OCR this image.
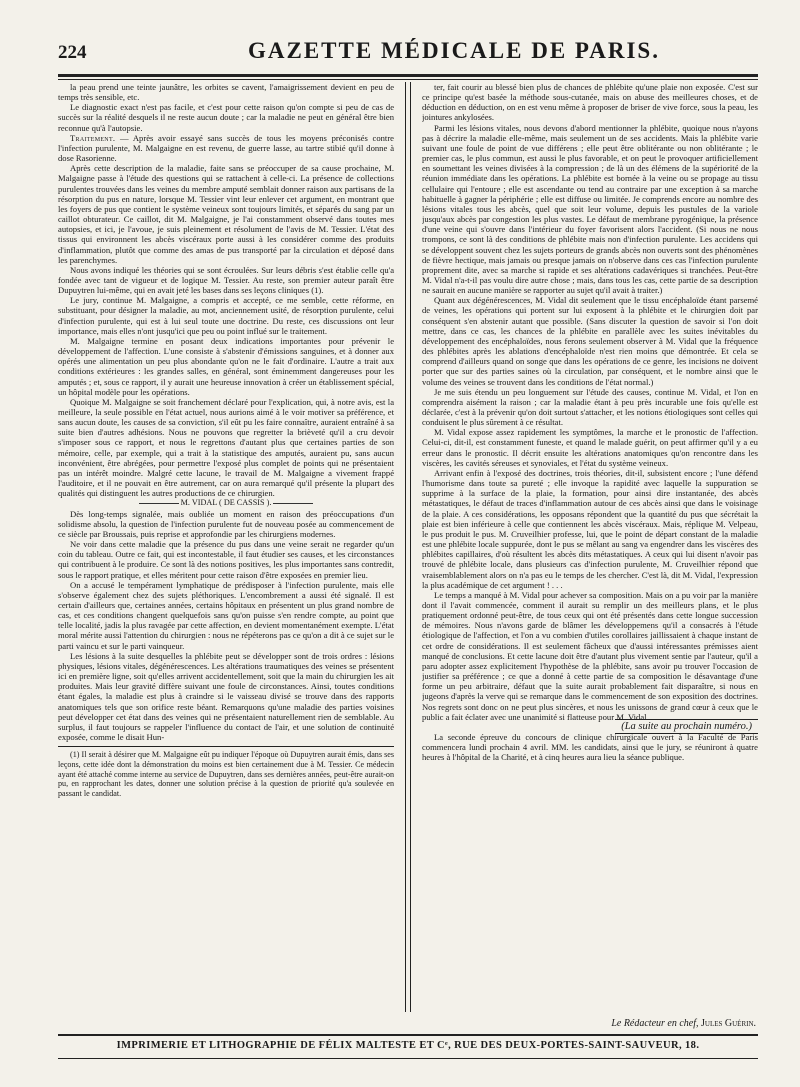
224	GAZETTE MÉDICALE DE PARIS.

la peau prend une teinte jaunâtre, les orbites se cavent, l'amaigrissement devient en peu de temps très sensible, etc.

Le diagnostic exact n'est pas facile, et c'est pour cette raison qu'on compte si peu de cas de succès sur la réalité desquels il ne reste aucun doute ; car la maladie ne peut en général être bien reconnue qu'à l'autopsie.

Traitement. — Après avoir essayé sans succès de tous les moyens préconisés contre l'infection purulente, M. Malgaigne en est revenu, de guerre lasse, au tartre stibié qu'il donne à dose Rasorienne.

Après cette description de la maladie, faite sans se préoccuper de sa cause prochaine, M. Malgaigne passe à l'étude des questions qui se rattachent à celle-ci. La présence de collections purulentes trouvées dans les veines du membre amputé semblait donner raison aux partisans de la résorption du pus en nature, lorsque M. Tessier vint leur enlever cet argument, en montrant que les foyers de pus que contient le système veineux sont toujours limités, et séparés du sang par un caillot obturateur. Ce caillot, dit M. Malgaigne, je l'ai constamment observé dans toutes mes autopsies, et ici, je l'avoue, je suis pleinement et résolument de l'avis de M. Tessier. L'état des tissus qui environnent les abcès viscéraux porte aussi à les considérer comme des produits d'inflammation, plutôt que comme des amas de pus transporté par la circulation et déposé dans les parenchymes.

Nous avons indiqué les théories qui se sont écroulées. Sur leurs débris s'est établie celle qu'a fondée avec tant de vigueur et de logique M. Tessier. Au reste, son premier auteur paraît être Dupuytren lui-même, qui en avait jeté les bases dans ses leçons cliniques (1).

Le jury, continue M. Malgaigne, a compris et accepté, ce me semble, cette réforme, en substituant, pour désigner la maladie, au mot, anciennement usité, de résorption purulente, celui d'infection purulente, qui est à lui seul toute une doctrine. Du reste, ces discussions ont leur importance, mais elles n'ont jusqu'ici que peu ou point influé sur le traitement.

M. Malgaigne termine en posant deux indications importantes pour prévenir le développement de l'affection. L'une consiste à s'abstenir d'émissions sanguines, et à donner aux opérés une alimentation un peu plus abondante qu'on ne le fait d'ordinaire. L'autre a trait aux conditions extérieures : les grandes salles, en général, sont éminemment dangereuses pour les amputés ; et, sous ce rapport, il y aurait une heureuse innovation à créer un établissement spécial, un hôpital modèle pour les opérations.

Quoique M. Malgaigne se soit franchement déclaré pour l'explication, qui, à notre avis, est la meilleure, la seule possible en l'état actuel, nous aurions aimé à le voir motiver sa préférence, et sans aucun doute, les causes de sa conviction, s'il eût pu les faire connaître, auraient entraîné à sa suite bien d'autres adhésions. Nous ne pouvons que regretter la brièveté qu'il a cru devoir s'imposer sous ce rapport, et nous le regrettons d'autant plus que certaines parties de son mémoire, celle, par exemple, qui a trait à la statistique des amputés, auraient pu, sans aucun inconvénient, être abrégées, pour permettre l'exposé plus complet de points qui ne présentaient pas un intérêt moindre. Malgré cette lacune, le travail de M. Malgaigne a vivement frappé l'auditoire, et il ne pouvait en être autrement, car on aura remarqué qu'il présente la plupart des qualités qui distinguent les autres productions de ce chirurgien.

M. VIDAL ( DE CASSIS ).

Dès long-temps signalée, mais oubliée un moment en raison des préoccupations d'un solidisme absolu, la question de l'infection purulente fut de nouveau posée au commencement de ce siècle par Broussais, puis reprise et approfondie par les chirurgiens modernes.

Ne voir dans cette maladie que la présence du pus dans une veine serait ne regarder qu'un coin du tableau. Outre ce fait, qui est incontestable, il faut étudier ses causes, et les circonstances qui contribuent à le produire. Ce sont là des notions positives, les plus importantes sans contredit, sous le rapport pratique, et elles méritent pour cette raison d'être exposées en premier lieu.

On a accusé le tempérament lymphatique de prédisposer à l'infection purulente, mais elle s'observe également chez des sujets pléthoriques. L'encombrement a aussi été signalé. Il est certain d'ailleurs que, certaines années, certains hôpitaux en présentent un plus grand nombre de cas, et ces conditions changent quelquefois sans qu'on puisse s'en rendre compte, au point que telle localité, jadis la plus ravagée par cette affection, en devient momentanément exempte. L'état moral mérite aussi l'attention du chirurgien : nous ne répéterons pas ce qu'on a dit à ce sujet sur le parti vaincu et sur le parti vainqueur.

Les lésions à la suite desquelles la phlébite peut se développer sont de trois ordres : lésions physiques, lésions vitales, dégénérescences. Les altérations traumatiques des veines se présentent ici en première ligne, soit qu'elles arrivent accidentellement, soit que la main du chirurgien les ait produites. Mais leur gravité diffère suivant une foule de circonstances. Ainsi, toutes conditions étant égales, la maladie est plus à craindre si le vaisseau divisé se trouve dans des rapports anatomiques tels que son orifice reste béant. Remarquons qu'une maladie des parties voisines peut développer cet état dans des veines qui ne présentaient naturellement rien de semblable. Au surplus, il faut toujours se rappeler l'influence du contact de l'air, et une solution de continuité exposée, comme le disait Hun-

(1) Il serait à désirer que M. Malgaigne eût pu indiquer l'époque où Dupuytren aurait émis, dans ses leçons, cette idée dont la démonstration du moins est bien certainement due à M. Tessier. Ce médecin ayant été attaché comme interne au service de Dupuytren, dans ses dernières années, peut-être aurait-on pu, en rapprochant les dates, donner une solution précise à la question de priorité qu'a soulevée en passant le candidat.

ter, fait courir au blessé bien plus de chances de phlébite qu'une plaie non exposée. C'est sur ce principe qu'est basée la méthode sous-cutanée, mais on abuse des meilleures choses, et de déduction en déduction, on en est venu même à proposer de briser de vive force, sous la peau, les jointures ankylosées.

Parmi les lésions vitales, nous devons d'abord mentionner la phlébite, quoique nous n'ayons pas à décrire la maladie elle-même, mais seulement un de ses accidents. Mais la phlébite varie suivant une foule de point de vue différens ; elle peut être oblitérante ou non oblitérante ; le premier cas, le plus commun, est aussi le plus favorable, et on peut le provoquer artificiellement en soumettant les veines divisées à la compression ; de là un des élémens de la supériorité de la réunion immédiate dans les opérations. La phlébite est bornée à la veine ou se propage au tissu cellulaire qui l'entoure ; elle est ascendante ou tend au contraire par une exception à sa marche habituelle à gagner la périphérie ; elle est diffuse ou limitée. Je comprends encore au nombre des lésions vitales tous les abcès, quel que soit leur volume, depuis les pustules de la variole jusqu'aux abcès par congestion les plus vastes. Le défaut de membrane pyrogénique, la présence d'une veine qui s'ouvre dans l'intérieur du foyer favorisent alors l'accident. (Si nous ne nous trompons, ce sont là des conditions de phlébite mais non d'infection purulente. Les accidens qui se développent souvent chez les sujets porteurs de grands abcès non ouverts sont des phénomènes de fièvre hectique, mais jamais ou presque jamais on n'observe dans ces cas l'infection purulente proprement dite, avec sa marche si rapide et ses altérations cadavériques si tranchées. Peut-être M. Vidal n'a-t-il pas voulu dire autre chose ; mais, dans tous les cas, cette partie de sa description ne saurait en aucune manière se rapporter au sujet qu'il avait à traiter.)

Quant aux dégénérescences, M. Vidal dit seulement que le tissu encéphaloïde étant parsemé de veines, les opérations qui portent sur lui exposent à la phlébite et le chirurgien doit par conséquent s'en abstenir autant que possible. (Sans discuter la question de savoir si l'on doit mettre, dans ce cas, les chances de la phlébite en parallèle avec les suites inévitables du développement des encéphaloïdes, nous ferons seulement observer à M. Vidal que la fréquence des phlébites après les ablations d'encéphaloïde n'est rien moins que démontrée. Et cela se comprend d'ailleurs quand on songe que dans les opérations de ce genre, les incisions ne doivent porter que sur des parties saines où la circulation, par conséquent, et le nombre ainsi que le volume des veines se trouvent dans les conditions de l'état normal.)

Je me suis étendu un peu longuement sur l'étude des causes, continue M. Vidal, et l'on en comprendra aisément la raison ; car la maladie étant à peu près incurable une fois qu'elle est déclarée, c'est à la prévenir qu'on doit surtout s'attacher, et les notions étiologiques sont celles qui conduisent le plus sûrement à ce résultat.

M. Vidal expose assez rapidement les symptômes, la marche et le pronostic de l'affection. Celui-ci, dit-il, est constamment funeste, et quand le malade guérit, on peut affirmer qu'il y a eu erreur dans le pronostic. Il décrit ensuite les altérations anatomiques qu'on rencontre dans les viscères, les cavités séreuses et synoviales, et l'état du système veineux.

Arrivant enfin à l'exposé des doctrines, trois théories, dit-il, subsistent encore ; l'une défend l'humorisme dans toute sa pureté ; elle invoque la rapidité avec laquelle la suppuration se supprime à la surface de la plaie, la formation, pour ainsi dire instantanée, des abcès métastatiques, le défaut de traces d'inflammation autour de ces abcès ainsi que dans le voisinage de la plaie. A ces considérations, les opposans répondent que la quantité du pus que sécrétait la plaie est bien inférieure à celle que contiennent les abcès viscéraux. Mais, réplique M. Velpeau, le pus produit le pus. M. Cruveilhier professe, lui, que le point de départ constant de la maladie est une phlébite locale suppurée, dont le pus se mêlant au sang va engendrer dans les viscères des phlébites capillaires, d'où résultent les abcès dits métastatiques. A ceux qui lui disent n'avoir pas trouvé de phlébite locale, dans plusieurs cas d'infection purulente, M. Cruveilhier répond que vraisemblablement alors on n'a pas eu le temps de les chercher. C'est là, dit M. Vidal, l'expression la plus académique de cet argument ! . . .

Le temps a manqué à M. Vidal pour achever sa composition. Mais on a pu voir par la manière dont il l'avait commencée, comment il aurait su remplir un des meilleurs plans, et le plus pratiquement ordonné peut-être, de tous ceux qui ont été présentés dans cette longue succession de mémoires. Nous n'avons garde de blâmer les développemens qu'il a consacrés à l'étude étiologique de l'affection, et l'on a vu combien d'utiles corollaires jaillissaient à chaque instant de cet ordre de considérations. Il est seulement fâcheux que d'aussi intéressantes prémisses aient manqué de conclusions. Et cette lacune doit être d'autant plus vivement sentie par l'auteur, qu'il a paru adopter assez explicitement l'hypothèse de la phlébite, sans avoir pu trouver l'occasion de justifier sa préférence ; ce que a donné à cette partie de sa composition le désavantage d'une forme un peu arbitraire, défaut que la suite aurait probablement fait disparaître, si nous en jugeons d'après la verve qui se remarque dans le commencement de son exposition des doctrines. Nos regrets sont donc on ne peut plus sincères, et nous les unissons de grand cœur à ceux que le public a fait éclater avec une unanimité si flatteuse pour M. Vidal.

(La suite au prochain numéro.)

La seconde épreuve du concours de clinique chirurgicale ouvert à la Faculté de Paris commencera lundi prochain 4 avril. MM. les candidats, ainsi que le jury, se réuniront à quatre heures à l'hôpital de la Charité, et à cinq heures aura lieu la séance publique.

Le Rédacteur en chef, Jules Guérin.
IMPRIMERIE ET LITHOGRAPHIE DE FÉLIX MALTESTE ET Cᵉ, RUE DES DEUX-PORTES-SAINT-SAUVEUR, 18.
